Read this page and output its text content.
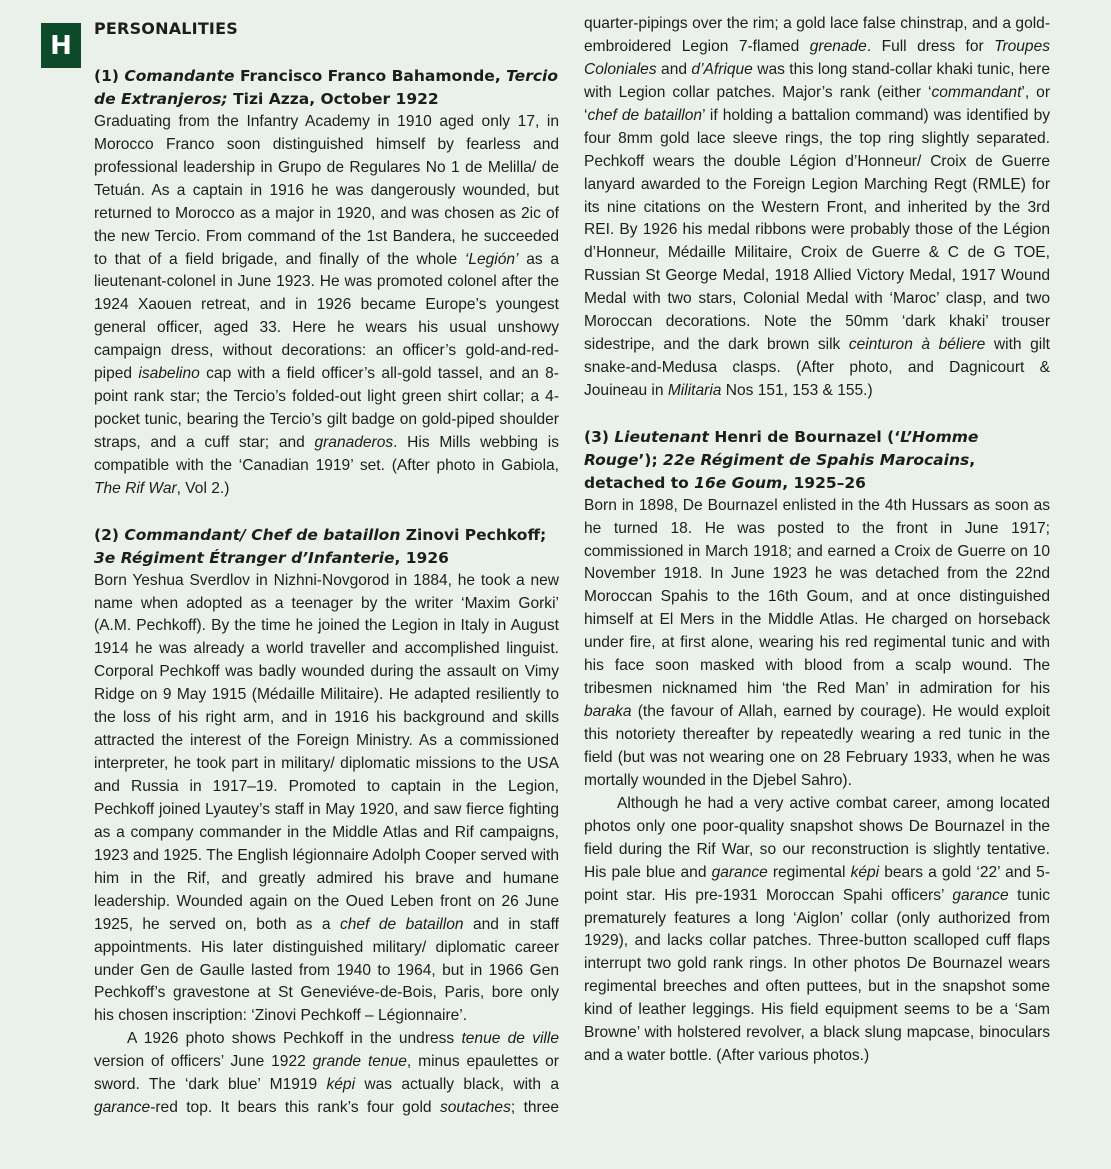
H
PERSONALITIES
(1) Comandante Francisco Franco Bahamonde, Tercio de Extranjeros; Tizi Azza, October 1922

Graduating from the Infantry Academy in 1910 aged only 17, in Morocco Franco soon distinguished himself by fearless and professional leadership in Grupo de Regulares No 1 de Melilla/ de Tetuán. As a captain in 1916 he was dangerously wounded, but returned to Morocco as a major in 1920, and was chosen as 2ic of the new Tercio. From command of the 1st Bandera, he succeeded to that of a field brigade, and finally of the whole ‘Legión’ as a lieutenant-colonel in June 1923. He was promoted colonel after the 1924 Xaouen retreat, and in 1926 became Europe’s youngest general officer, aged 33. Here he wears his usual unshowy campaign dress, without decorations: an officer’s gold-and-red-piped isabelino cap with a field officer’s all-gold tassel, and an 8-point rank star; the Tercio’s folded-out light green shirt collar; a 4-pocket tunic, bearing the Tercio’s gilt badge on gold-piped shoulder straps, and a cuff star; and granaderos. His Mills webbing is compatible with the ‘Canadian 1919’ set. (After photo in Gabiola, The Rif War, Vol 2.)

(2) Commandant/ Chef de bataillon Zinovi Pechkoff; 3e Régiment Étranger d’Infanterie, 1926

Born Yeshua Sverdlov in Nizhni-Novgorod in 1884, he took a new name when adopted as a teenager by the writer ‘Maxim Gorki’ (A.M. Pechkoff). By the time he joined the Legion in Italy in August 1914 he was already a world traveller and accomplished linguist. Corporal Pechkoff was badly wounded during the assault on Vimy Ridge on 9 May 1915 (Médaille Militaire). He adapted resiliently to the loss of his right arm, and in 1916 his background and skills attracted the interest of the Foreign Ministry. As a commissioned interpreter, he took part in military/ diplomatic missions to the USA and Russia in 1917–19. Promoted to captain in the Legion, Pechkoff joined Lyautey’s staff in May 1920, and saw fierce fighting as a company commander in the Middle Atlas and Rif campaigns, 1923 and 1925. The English légionnaire Adolph Cooper served with him in the Rif, and greatly admired his brave and humane leadership. Wounded again on the Oued Leben front on 26 June 1925, he served on, both as a chef de bataillon and in staff appointments. His later distinguished military/ diplomatic career under Gen de Gaulle lasted from 1940 to 1964, but in 1966 Gen Pechkoff’s gravestone at St Geneviéve-de-Bois, Paris, bore only his chosen inscription: ‘Zinovi Pechkoff – Légionnaire’.

A 1926 photo shows Pechkoff in the undress tenue de ville version of officers’ June 1922 grande tenue, minus epaulettes or sword. The ‘dark blue’ M1919 képi was actually black, with a garance-red top. It bears this rank’s four gold soutaches; three

quarter-pipings over the rim; a gold lace false chinstrap, and a gold-embroidered Legion 7-flamed grenade. Full dress for Troupes Coloniales and d’Afrique was this long stand-collar khaki tunic, here with Legion collar patches. Major’s rank (either ‘commandant’, or ‘chef de bataillon’ if holding a battalion command) was identified by four 8mm gold lace sleeve rings, the top ring slightly separated. Pechkoff wears the double Légion d’Honneur/ Croix de Guerre lanyard awarded to the Foreign Legion Marching Regt (RMLE) for its nine citations on the Western Front, and inherited by the 3rd REI. By 1926 his medal ribbons were probably those of the Légion d’Honneur, Médaille Militaire, Croix de Guerre & C de G TOE, Russian St George Medal, 1918 Allied Victory Medal, 1917 Wound Medal with two stars, Colonial Medal with ‘Maroc’ clasp, and two Moroccan decorations. Note the 50mm ‘dark khaki’ trouser sidestripe, and the dark brown silk ceinturon à béliere with gilt snake-and-Medusa clasps. (After photo, and Dagnicourt & Jouineau in Militaria Nos 151, 153 & 155.)

(3) Lieutenant Henri de Bournazel (‘L’Homme Rouge’); 22e Régiment de Spahis Marocains, detached to 16e Goum, 1925–26

Born in 1898, De Bournazel enlisted in the 4th Hussars as soon as he turned 18. He was posted to the front in June 1917; commissioned in March 1918; and earned a Croix de Guerre on 10 November 1918. In June 1923 he was detached from the 22nd Moroccan Spahis to the 16th Goum, and at once distinguished himself at El Mers in the Middle Atlas. He charged on horseback under fire, at first alone, wearing his red regimental tunic and with his face soon masked with blood from a scalp wound. The tribesmen nicknamed him ‘the Red Man’ in admiration for his baraka (the favour of Allah, earned by courage). He would exploit this notoriety thereafter by repeatedly wearing a red tunic in the field (but was not wearing one on 28 February 1933, when he was mortally wounded in the Djebel Sahro).

Although he had a very active combat career, among located photos only one poor-quality snapshot shows De Bournazel in the field during the Rif War, so our reconstruction is slightly tentative. His pale blue and garance regimental képi bears a gold ‘22’ and 5-point star. His pre-1931 Moroccan Spahi officers’ garance tunic prematurely features a long ‘Aiglon’ collar (only authorized from 1929), and lacks collar patches. Three-button scalloped cuff flaps interrupt two gold rank rings. In other photos De Bournazel wears regimental breeches and often puttees, but in the snapshot some kind of leather leggings. His field equipment seems to be a ‘Sam Browne’ with holstered revolver, a black slung mapcase, binoculars and a water bottle. (After various photos.)
